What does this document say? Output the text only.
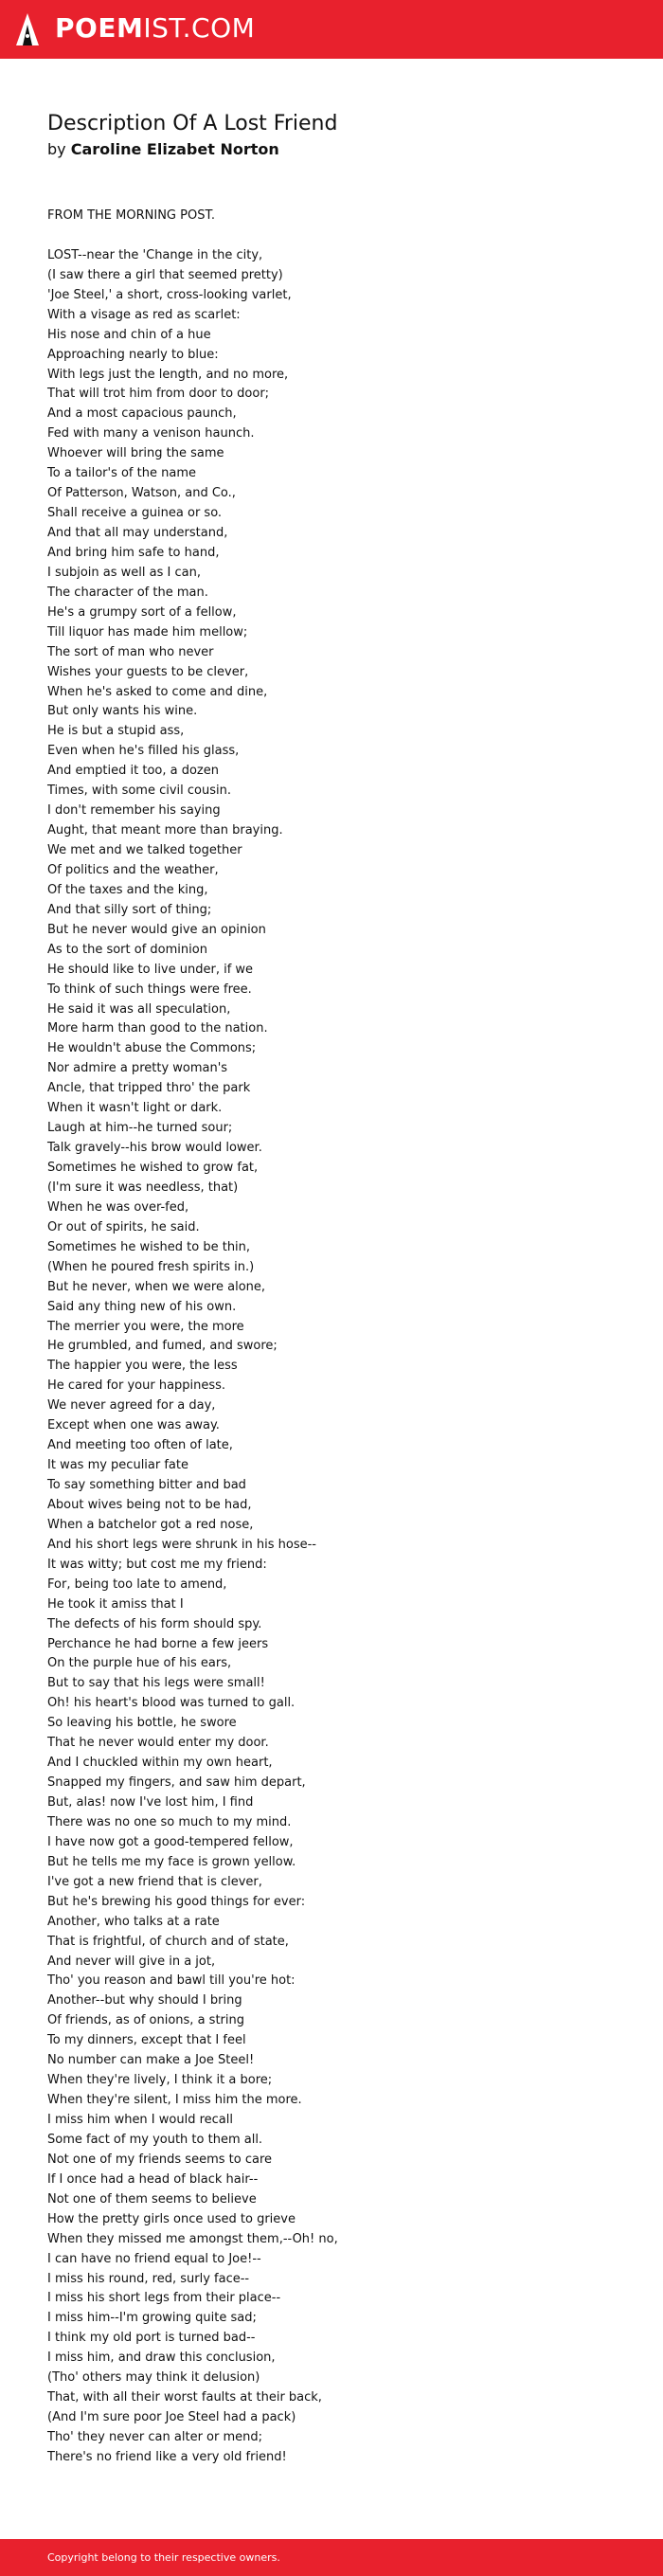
POEMIST.COM
Description Of A Lost Friend
by Caroline Elizabet Norton
FROM THE MORNING POST.
LOST--near the 'Change in the city,
(I saw there a girl that seemed pretty)
'Joe Steel,' a short, cross-looking varlet,
With a visage as red as scarlet:
His nose and chin of a hue
Approaching nearly to blue:
With legs just the length, and no more,
That will trot him from door to door;
And a most capacious paunch,
Fed with many a venison haunch.
Whoever will bring the same
To a tailor's of the name
Of Patterson, Watson, and Co.,
Shall receive a guinea or so.
And that all may understand,
And bring him safe to hand,
I subjoin as well as I can,
The character of the man.
He's a grumpy sort of a fellow,
Till liquor has made him mellow;
The sort of man who never
Wishes your guests to be clever,
When he's asked to come and dine,
But only wants his wine.
He is but a stupid ass,
Even when he's filled his glass,
And emptied it too, a dozen
Times, with some civil cousin.
I don't remember his saying
Aught, that meant more than braying.
We met and we talked together
Of politics and the weather,
Of the taxes and the king,
And that silly sort of thing;
But he never would give an opinion
As to the sort of dominion
He should like to live under, if we
To think of such things were free.
He said it was all speculation,
More harm than good to the nation.
He wouldn't abuse the Commons;
Nor admire a pretty woman's
Ancle, that tripped thro' the park
When it wasn't light or dark.
Laugh at him--he turned sour;
Talk gravely--his brow would lower.
Sometimes he wished to grow fat,
(I'm sure it was needless, that)
When he was over-fed,
Or out of spirits, he said.
Sometimes he wished to be thin,
(When he poured fresh spirits in.)
But he never, when we were alone,
Said any thing new of his own.
The merrier you were, the more
He grumbled, and fumed, and swore;
The happier you were, the less
He cared for your happiness.
We never agreed for a day,
Except when one was away.
And meeting too often of late,
It was my peculiar fate
To say something bitter and bad
About wives being not to be had,
When a batchelor got a red nose,
And his short legs were shrunk in his hose--
It was witty; but cost me my friend:
For, being too late to amend,
He took it amiss that I
The defects of his form should spy.
Perchance he had borne a few jeers
On the purple hue of his ears,
But to say that his legs were small!
Oh! his heart's blood was turned to gall.
So leaving his bottle, he swore
That he never would enter my door.
And I chuckled within my own heart,
Snapped my fingers, and saw him depart,
But, alas! now I've lost him, I find
There was no one so much to my mind.
I have now got a good-tempered fellow,
But he tells me my face is grown yellow.
I've got a new friend that is clever,
But he's brewing his good things for ever:
Another, who talks at a rate
That is frightful, of church and of state,
And never will give in a jot,
Tho' you reason and bawl till you're hot:
Another--but why should I bring
Of friends, as of onions, a string
To my dinners, except that I feel
No number can make a Joe Steel!
When they're lively, I think it a bore;
When they're silent, I miss him the more.
I miss him when I would recall
Some fact of my youth to them all.
Not one of my friends seems to care
If I once had a head of black hair--
Not one of them seems to believe
How the pretty girls once used to grieve
When they missed me amongst them,--Oh! no,
I can have no friend equal to Joe!--
I miss his round, red, surly face--
I miss his short legs from their place--
I miss him--I'm growing quite sad;
I think my old port is turned bad--
I miss him, and draw this conclusion,
(Tho' others may think it delusion)
That, with all their worst faults at their back,
(And I'm sure poor Joe Steel had a pack)
Tho' they never can alter or mend;
There's no friend like a very old friend!
Copyright belong to their respective owners.
